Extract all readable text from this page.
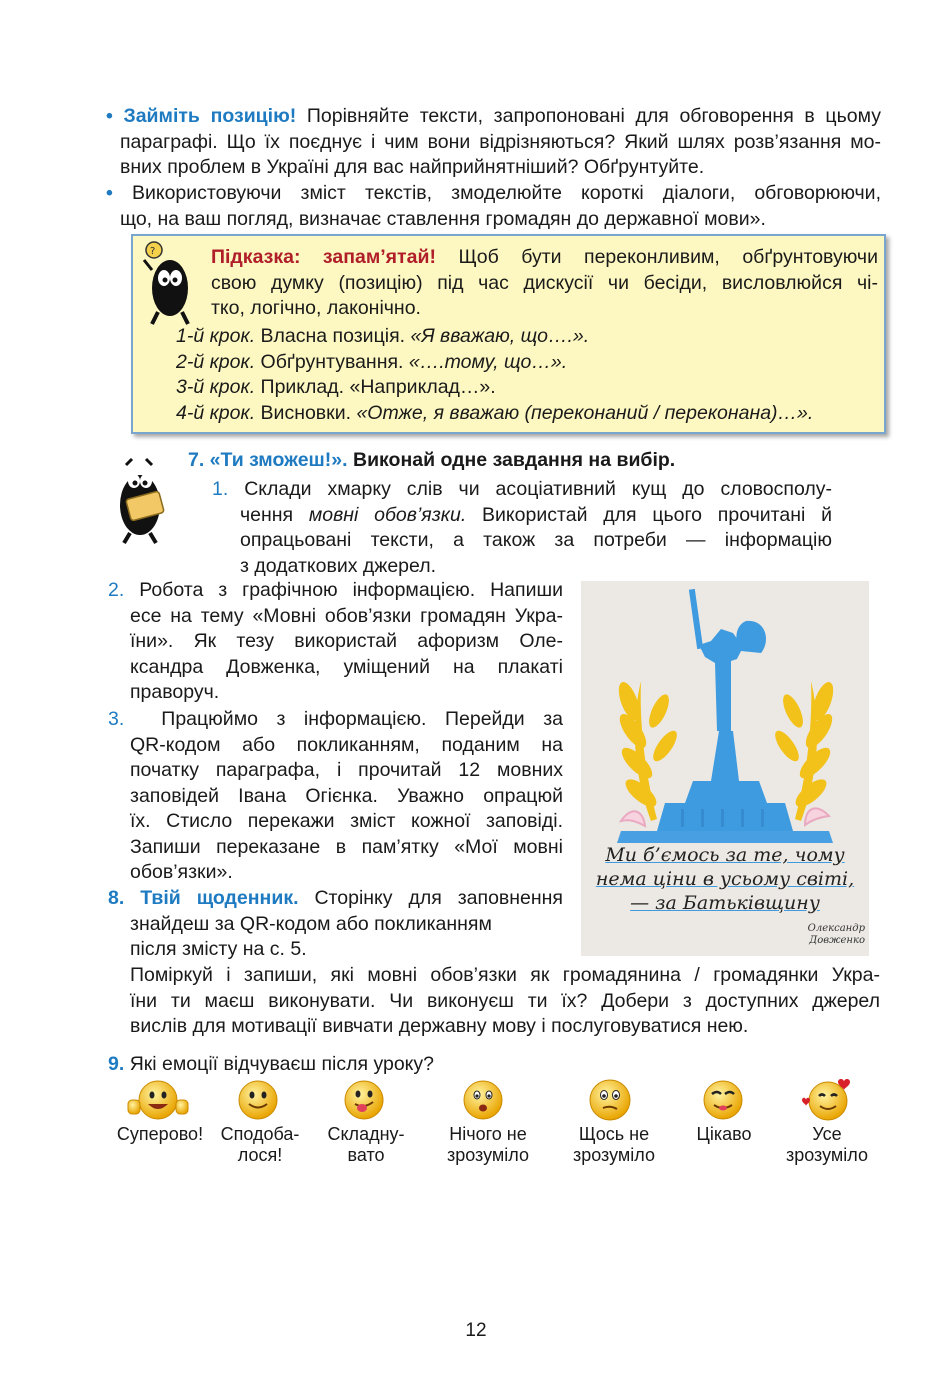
• Займіть позицію! Порівняйте тексти, запропоновані для обговорення в цьому
параграфі. Що їх поєднує і чим вони відрізняються? Який шлях розв’язання мо-
вних проблем в Україні для вас найприйнятніший? Обґрунтуйте.
• Використовуючи зміст текстів, змоделюйте короткі діалоги, обговорюючи,
що, на ваш погляд, визначає ставлення громадян до державної мови».
?	Підказка: запам’ятай! Щоб бути переконливим, обґрунтовуючи
свою думку (позицію) під час дискусії чи бесіди, висловлюйся чі-
тко, логічно, лаконічно.
1-й крок. Власна позиція. «Я вважаю, що….».
2-й крок. Обґрунтування. «….тому, що…».
3-й крок. Приклад. «Наприклад…».
4-й крок. Висновки. «Отже, я вважаю (переконаний / переконана)…».
7. «Ти зможеш!». Виконай одне завдання на вибір.
1. Склади хмарку слів чи асоціативний кущ до словосполу-
чення мовні обов’язки. Використай для цього прочитані й
опрацьовані тексти, а також за потреби — інформацію
з додаткових джерел.
2. Робота з графічною інформацією. Напиши
есе на тему «Мовні обов’язки громадян Укра-
їни». Як тезу використай афоризм Оле-
ксандра Довженка, уміщений на плакаті
праворуч.
3. Працюймо з інформацією. Перейди за
QR-кодом або покликанням, поданим на
початку параграфа, і прочитай 12 мовних
заповідей Івана Огієнка. Уважно опрацюй
їх. Стисло перекажи зміст кожної заповіді.
Запиши переказане в пам’ятку «Мої мовні
обов’язки».
Ми б’ємось за те, чому
нема ціни в усьому світі,
— за Батьківщину
Олександр
Довженко
8. Твій щоденник. Сторінку для заповнення
знайдеш за QR-кодом або покликанням
після змісту на с. 5.
Поміркуй і запиши, які мовні обов’язки як громадянина / громадянки Укра-
їни ти маєш виконувати. Чи виконуєш ти їх? Добери з доступних джерел
вислів для мотивації вивчати державну мову і послуговуватися нею.
9. Які емоції відчуваєш після уроку?
Суперово! Сподоба-
лося!
Складну-
вато
Нічого не
зрозуміло
Щось не
зрозуміло
Цікаво	Усе
зрозуміло
12
